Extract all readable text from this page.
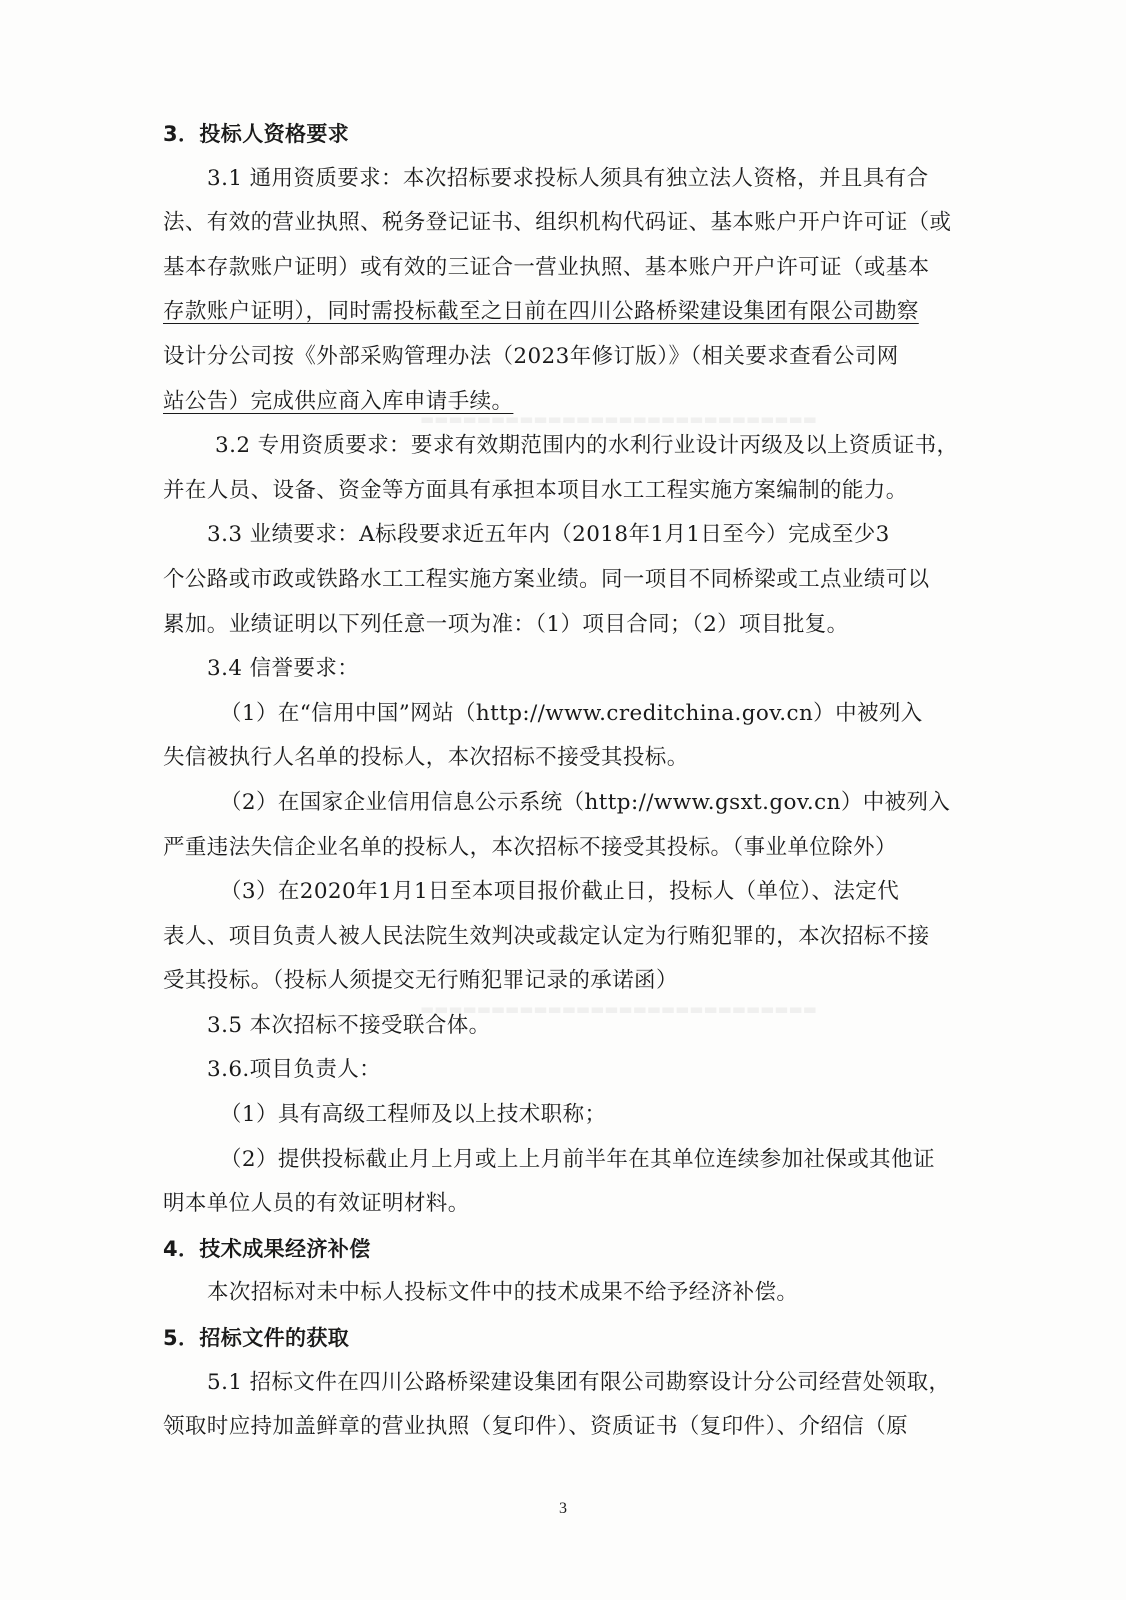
▬▬▬▬▬▬▬▬▬▬▬▬▬▬▬▬▬▬▬▬▬▬▬▬▬▬▬▬
▬▬▬▬▬▬▬▬▬▬▬▬▬▬▬▬▬▬▬▬▬▬▬▬▬▬▬▬
3．投标人资格要求
3.1 通用资质要求：本次招标要求投标人须具有独立法人资格，并且具有合
法、有效的营业执照、税务登记证书、组织机构代码证、基本账户开户许可证（或
基本存款账户证明）或有效的三证合一营业执照、基本账户开户许可证（或基本
存款账户证明），同时需投标截至之日前在四川公路桥梁建设集团有限公司勘察
设计分公司按《外部采购管理办法（2023年修订版）》（相关要求查看公司网
站公告）完成供应商入库申请手续。
3.2 专用资质要求：要求有效期范围内的水利行业设计丙级及以上资质证书，
并在人员、设备、资金等方面具有承担本项目水工工程实施方案编制的能力。
3.3 业绩要求：A标段要求近五年内（2018年1月1日至今）完成至少3
个公路或市政或铁路水工工程实施方案业绩。同一项目不同桥梁或工点业绩可以
累加。业绩证明以下列任意一项为准：（1）项目合同；（2）项目批复。
3.4 信誉要求：
（1）在“信用中国”网站（http://www.creditchina.gov.cn）中被列入
失信被执行人名单的投标人，本次招标不接受其投标。
（2）在国家企业信用信息公示系统（http://www.gsxt.gov.cn）中被列入
严重违法失信企业名单的投标人，本次招标不接受其投标。（事业单位除外）
（3）在2020年1月1日至本项目报价截止日，投标人（单位）、法定代
表人、项目负责人被人民法院生效判决或裁定认定为行贿犯罪的，本次招标不接
受其投标。（投标人须提交无行贿犯罪记录的承诺函）
3.5 本次招标不接受联合体。
3.6.项目负责人：
（1）具有高级工程师及以上技术职称；
（2）提供投标截止月上月或上上月前半年在其单位连续参加社保或其他证
明本单位人员的有效证明材料。
4．技术成果经济补偿
本次招标对未中标人投标文件中的技术成果不给予经济补偿。
5．招标文件的获取
5.1 招标文件在四川公路桥梁建设集团有限公司勘察设计分公司经营处领取，
领取时应持加盖鲜章的营业执照（复印件）、资质证书（复印件）、介绍信（原
3
